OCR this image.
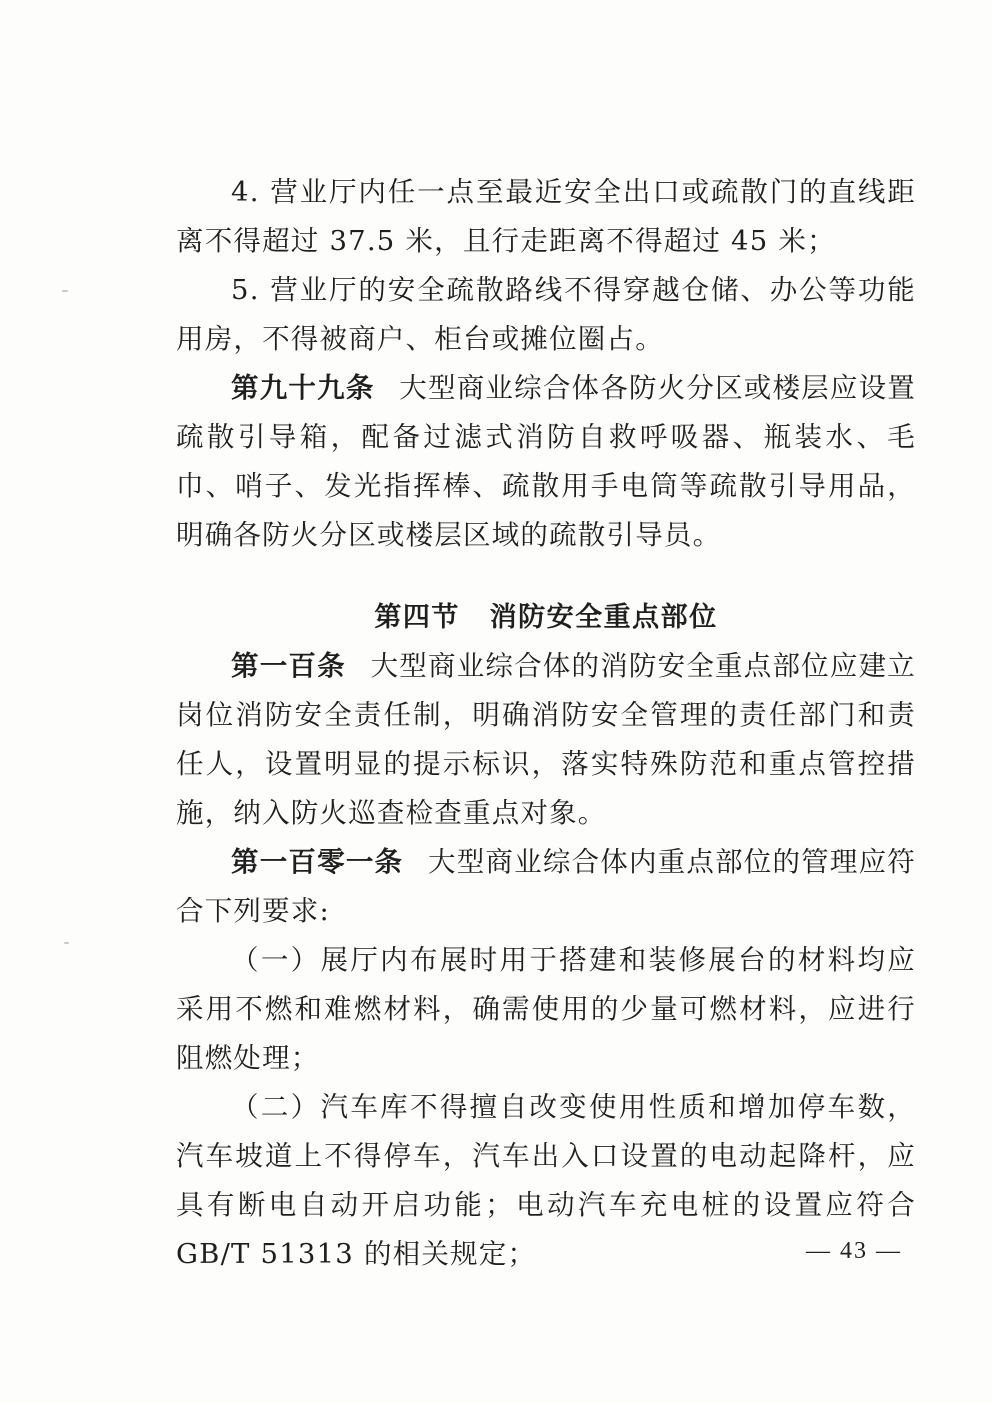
4. 营业厅内任一点至最近安全出口或疏散门的直线距离不得超过 37.5 米，且行走距离不得超过 45 米；

5. 营业厅的安全疏散路线不得穿越仓储、办公等功能用房，不得被商户、柜台或摊位圈占。

第九十九条 大型商业综合体各防火分区或楼层应设置疏散引导箱，配备过滤式消防自救呼吸器、瓶装水、毛巾、哨子、发光指挥棒、疏散用手电筒等疏散引导用品，明确各防火分区或楼层区域的疏散引导员。

第四节 消防安全重点部位

第一百条 大型商业综合体的消防安全重点部位应建立岗位消防安全责任制，明确消防安全管理的责任部门和责任人，设置明显的提示标识，落实特殊防范和重点管控措施，纳入防火巡查检查重点对象。

第一百零一条 大型商业综合体内重点部位的管理应符合下列要求:

（一）展厅内布展时用于搭建和装修展台的材料均应采用不燃和难燃材料，确需使用的少量可燃材料，应进行阻燃处理；

（二）汽车库不得擅自改变使用性质和增加停车数，汽车坡道上不得停车，汽车出入口设置的电动起降杆，应具有断电自动开启功能；电动汽车充电桩的设置应符合 GB/T 51313 的相关规定；	— 43 —
